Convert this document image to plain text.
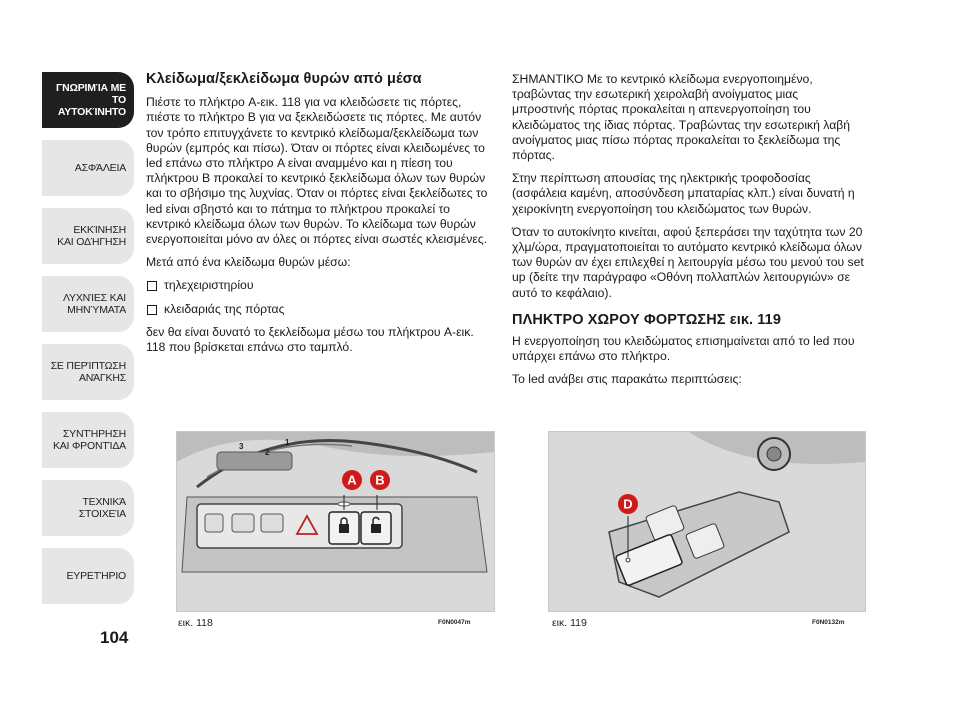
ΓΝΩΡΙΜΊΑ ΜΕ
ΤΟ ΑΥΤΟΚΊΝΗΤΟ
ΑΣΦΆΛΕΙΑ
ΕΚΚΊΝΗΣΗ
ΚΑΙ ΟΔΉΓΗΣΗ
ΛΥΧΝΊΕΣ ΚΑΙ
ΜΗΝΎΜΑΤΑ
ΣΕ ΠΕΡΊΠΤΩΣΗ
ΑΝΆΓΚΗΣ
ΣΥΝΤΉΡΗΣΗ
ΚΑΙ ΦΡΟΝΤΊΔΑ
ΤΕΧΝΙΚΆ
ΣΤΟΙΧΕΊΑ
ΕΥΡΕΤΉΡΙΟ
104
Κλείδωμα/ξεκλείδωμα θυρών από μέσα

Πιέστε το πλήκτρο A-εικ. 118 για να κλειδώσετε τις πόρτες, πιέστε το πλήκτρο B για να ξεκλειδώσετε τις πόρτες. Με αυτόν τον τρόπο επιτυγχάνετε το κεντρικό κλείδωμα/ξεκλείδωμα των θυρών (εμπρός και πίσω). Όταν οι πόρτες είναι κλειδωμένες το led επάνω στο πλήκτρο A είναι αναμμένο και η πίεση του πλήκτρου B προκαλεί το κεντρικό ξεκλείδωμα όλων των θυρών και το σβήσιμο της λυχνίας. Όταν οι πόρτες είναι ξεκλείδωτες το led είναι σβηστό και το πάτημα το πλήκτρου προκαλεί το κεντρικό κλείδωμα όλων των θυρών. Το κλείδωμα των θυρών ενεργοποιείται μόνο αν όλες οι πόρτες είναι σωστές κλεισμένες.

Μετά από ένα κλείδωμα θυρών μέσω:

τηλεχειριστηρίου
κλειδαριάς της πόρτας

δεν θα είναι δυνατό το ξεκλείδωμα μέσω του πλήκτρου A-εικ. 118 που βρίσκεται επάνω στο ταμπλό.

ΣΗΜΑΝΤΙΚΟ Με το κεντρικό κλείδωμα ενεργοποιημένο, τραβώντας την εσωτερική χειρολαβή ανοίγματος μιας μπροστινής πόρτας προκαλείται η απενεργοποίηση του κλειδώματος της ίδιας πόρτας. Τραβώντας την εσωτερική λαβή ανοίγματος μιας πίσω πόρτας προκαλείται το ξεκλείδωμα της πόρτας.

Στην περίπτωση απουσίας της ηλεκτρικής τροφοδοσίας (ασφάλεια καμένη, αποσύνδεση μπαταρίας κλπ.) είναι δυνατή η χειροκίνητη ενεργοποίηση του κλειδώματος των θυρών.

Όταν το αυτοκίνητο κινείται, αφού ξεπεράσει την ταχύτητα των 20 χλμ/ώρα, πραγματοποιείται το αυτόματο κεντρικό κλείδωμα όλων των θυρών αν έχει επιλεχθεί η λειτουργία μέσω του μενού του set up (δείτε την παράγραφο «Οθόνη πολλαπλών λειτουργιών» σε αυτό το κεφάλαιο).

ΠΛΗΚΤΡΟ ΧΩΡΟΥ ΦΟΡΤΩΣΗΣ εικ. 119

Η ενεργοποίηση του κλειδώματος επισημαίνεται από το led που υπάρχει επάνω στο πλήκτρο.

Το led ανάβει στις παρακάτω περιπτώσεις:

3
2
1
A B
εικ. 118	F0N0047m
D
εικ. 119	F0N0132m
